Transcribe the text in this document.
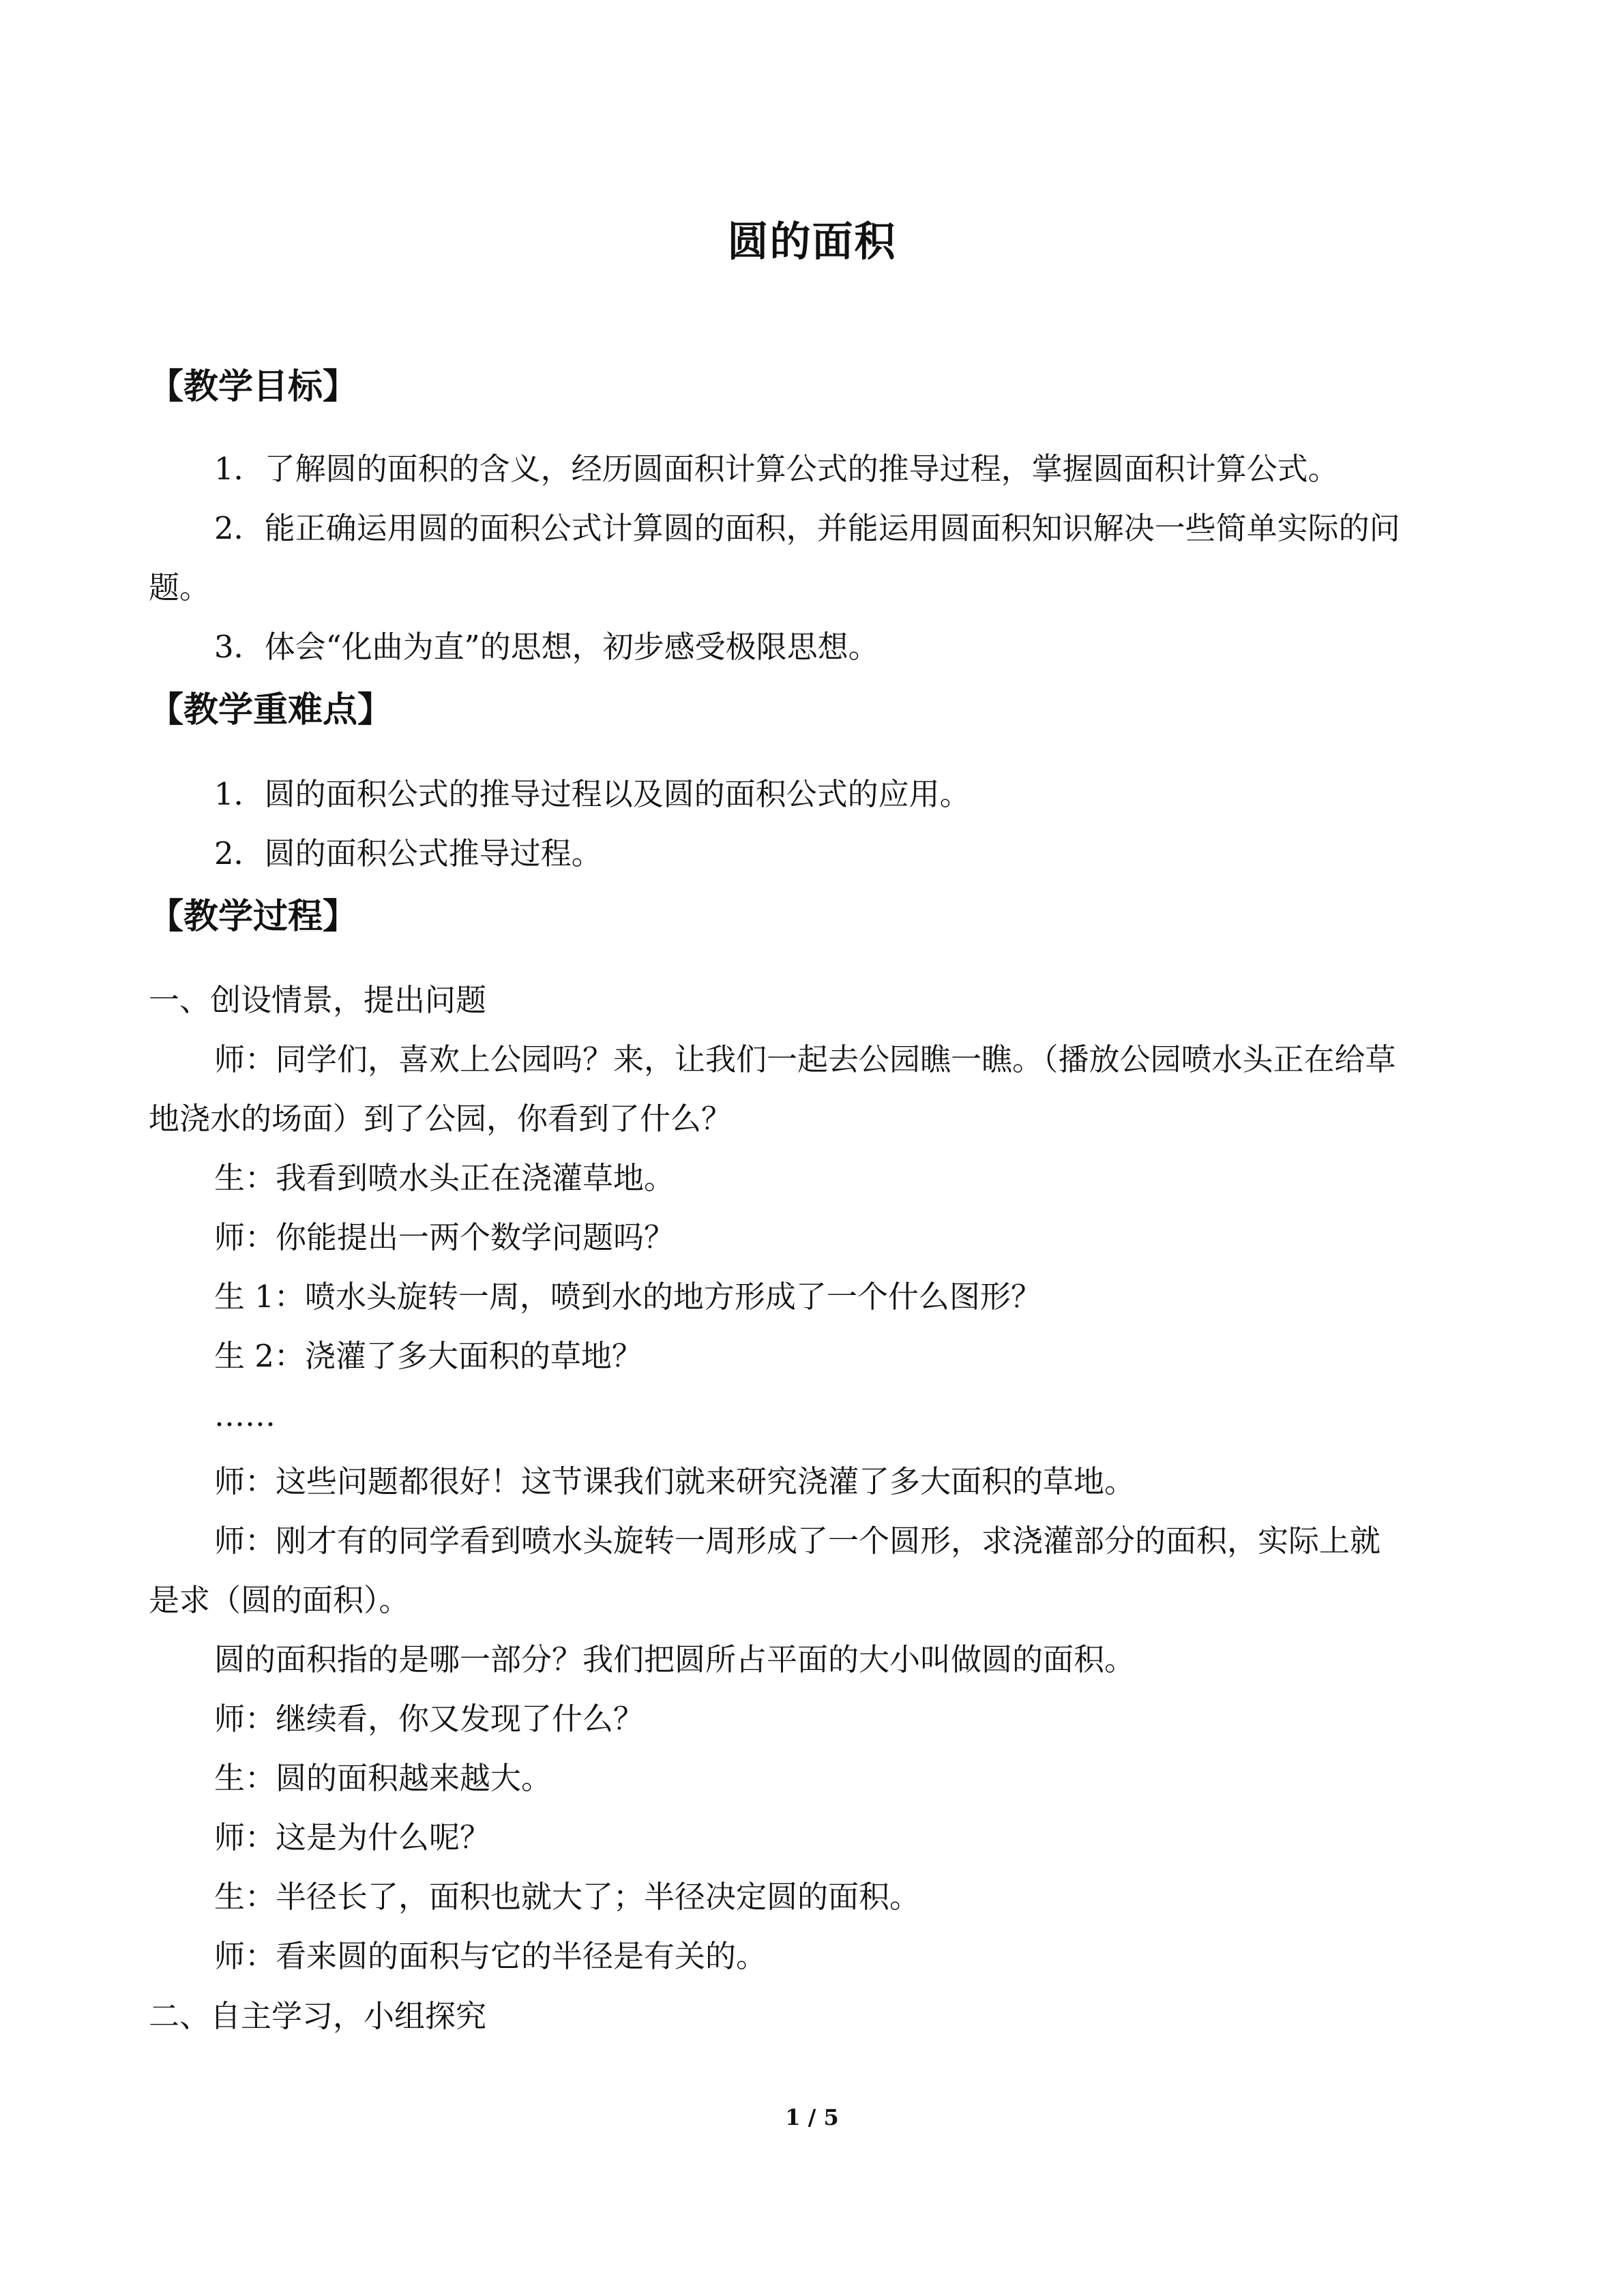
圆的面积
【教学目标】
1．了解圆的面积的含义，经历圆面积计算公式的推导过程，掌握圆面积计算公式。
2．能正确运用圆的面积公式计算圆的面积，并能运用圆面积知识解决一些简单实际的问
题。
3．体会“化曲为直”的思想，初步感受极限思想。
【教学重难点】
1．圆的面积公式的推导过程以及圆的面积公式的应用。
2．圆的面积公式推导过程。
【教学过程】
一、创设情景，提出问题
师：同学们，喜欢上公园吗？来，让我们一起去公园瞧一瞧。（播放公园喷水头正在给草
地浇水的场面）到了公园，你看到了什么？
生：我看到喷水头正在浇灌草地。
师：你能提出一两个数学问题吗？
生 1：喷水头旋转一周，喷到水的地方形成了一个什么图形？
生 2：浇灌了多大面积的草地？
……
师：这些问题都很好！这节课我们就来研究浇灌了多大面积的草地。
师：刚才有的同学看到喷水头旋转一周形成了一个圆形，求浇灌部分的面积，实际上就
是求（圆的面积）。
圆的面积指的是哪一部分？我们把圆所占平面的大小叫做圆的面积。
师：继续看，你又发现了什么？
生：圆的面积越来越大。
师：这是为什么呢？
生：半径长了，面积也就大了；半径决定圆的面积。
师：看来圆的面积与它的半径是有关的。
二、自主学习，小组探究
1 / 5
